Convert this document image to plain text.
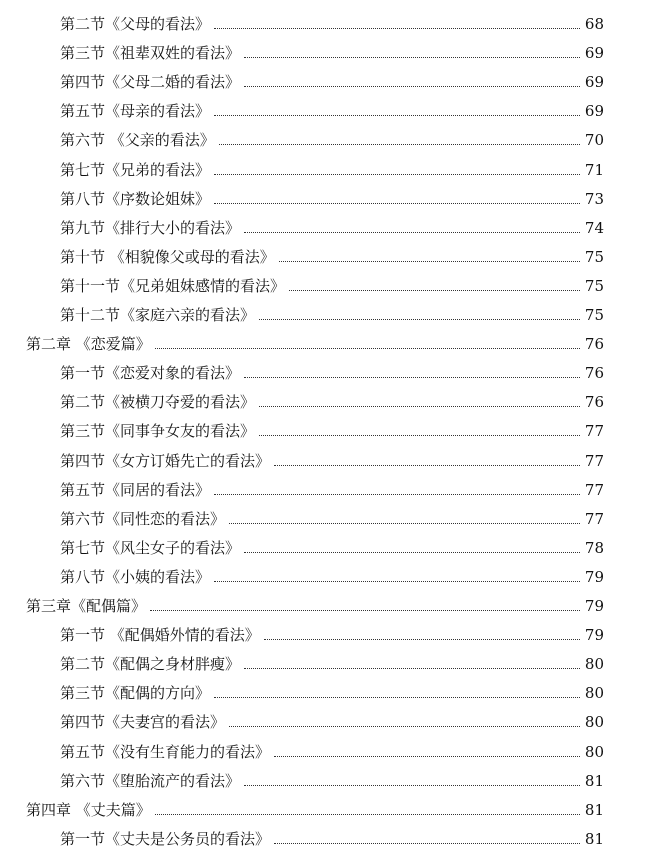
第二节《父母的看法》	68
第三节《祖辈双姓的看法》	69
第四节《父母二婚的看法》	69
第五节《母亲的看法》	69
第六节 《父亲的看法》	70
第七节《兄弟的看法》	71
第八节《序数论姐妹》	73
第九节《排行大小的看法》	74
第十节 《相貌像父或母的看法》	75
第十一节《兄弟姐妹感情的看法》	75
第十二节《家庭六亲的看法》	75
第二章 《恋爱篇》	76
第一节《恋爱对象的看法》	76
第二节《被横刀夺爱的看法》	76
第三节《同事争女友的看法》	77
第四节《女方订婚先亡的看法》	77
第五节《同居的看法》	77
第六节《同性恋的看法》	77
第七节《风尘女子的看法》	78
第八节《小姨的看法》	79
第三章《配偶篇》	79
第一节 《配偶婚外情的看法》	79
第二节《配偶之身材胖瘦》	80
第三节《配偶的方向》	80
第四节《夫妻宫的看法》	80
第五节《没有生育能力的看法》	80
第六节《堕胎流产的看法》	81
第四章 《丈夫篇》	81
第一节《丈夫是公务员的看法》	81
